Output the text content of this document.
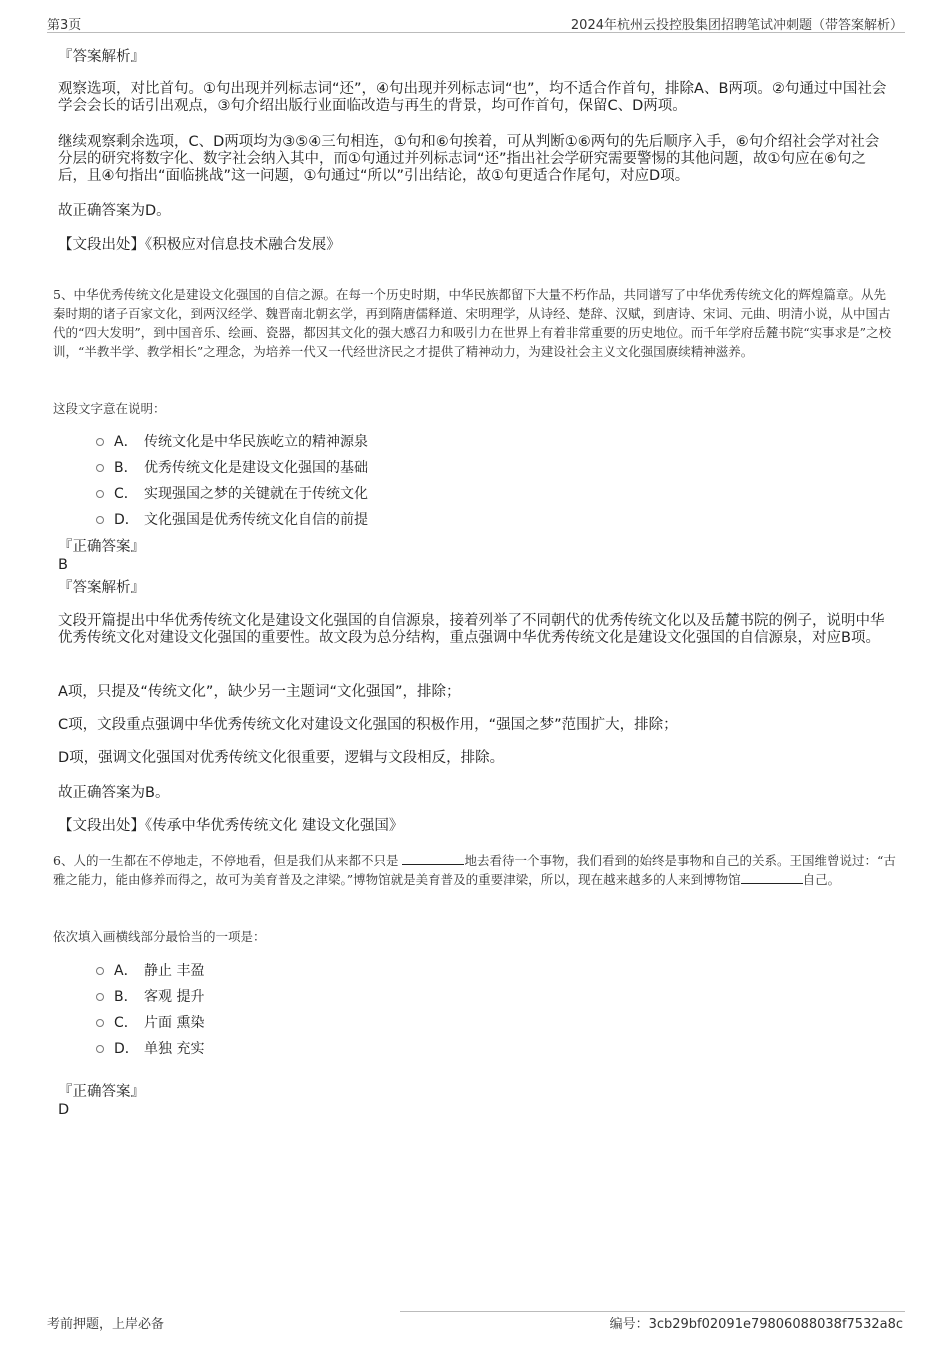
第3页	2024年杭州云投控股集团招聘笔试冲刺题（带答案解析）
『答案解析』
观察选项，对比首句。①句出现并列标志词“还”，④句出现并列标志词“也”，均不适合作首句，排除A、B两项。②句通过中国社会学会会长的话引出观点，③句介绍出版行业面临改造与再生的背景，均可作首句，保留C、D两项。
继续观察剩余选项，C、D两项均为③⑤④三句相连，①句和⑥句挨着，可从判断①⑥两句的先后顺序入手，⑥句介绍社会学对社会分层的研究将数字化、数字社会纳入其中，而①句通过并列标志词“还”指出社会学研究需要警惕的其他问题，故①句应在⑥句之后，且④句指出“面临挑战”这一问题，①句通过“所以”引出结论，故①句更适合作尾句，对应D项。
故正确答案为D。
【文段出处】《积极应对信息技术融合发展》
5、中华优秀传统文化是建设文化强国的自信之源。在每一个历史时期，中华民族都留下大量不朽作品，共同谱写了中华优秀传统文化的辉煌篇章。从先秦时期的诸子百家文化，到两汉经学、魏晋南北朝玄学，再到隋唐儒释道、宋明理学，从诗经、楚辞、汉赋，到唐诗、宋词、元曲、明清小说，从中国古代的“四大发明”，到中国音乐、绘画、瓷器，都因其文化的强大感召力和吸引力在世界上有着非常重要的历史地位。而千年学府岳麓书院“实事求是”之校训，“半教半学、教学相长”之理念，为培养一代又一代经世济民之才提供了精神动力，为建设社会主义文化强国赓续精神滋养。
这段文字意在说明：
A． 传统文化是中华民族屹立的精神源泉
B． 优秀传统文化是建设文化强国的基础
C． 实现强国之梦的关键就在于传统文化
D． 文化强国是优秀传统文化自信的前提
『正确答案』
B
『答案解析』
文段开篇提出中华优秀传统文化是建设文化强国的自信源泉，接着列举了不同朝代的优秀传统文化以及岳麓书院的例子，说明中华优秀传统文化对建设文化强国的重要性。故文段为总分结构，重点强调中华优秀传统文化是建设文化强国的自信源泉，对应B项。
A项，只提及“传统文化”，缺少另一主题词“文化强国”，排除；
C项，文段重点强调中华优秀传统文化对建设文化强国的积极作用，“强国之梦”范围扩大，排除；
D项，强调文化强国对优秀传统文化很重要，逻辑与文段相反，排除。
故正确答案为B。
【文段出处】《传承中华优秀传统文化 建设文化强国》
6、人的一生都在不停地走，不停地看，但是我们从来都不只是	地去看待一个事物，我们看到的始终是事物和自己的关系。王国维曾说过：“古雅之能力，能由修养而得之，故可为美育普及之津梁。”博物馆就是美育普及的重要津梁，所以，现在越来越多的人来到博物馆	自己。
依次填入画横线部分最恰当的一项是：
A． 静止 丰盈
B． 客观 提升
C． 片面 熏染
D． 单独 充实
『正确答案』
D
考前押题，上岸必备	编号：3cb29bf02091e79806088038f7532a8c
